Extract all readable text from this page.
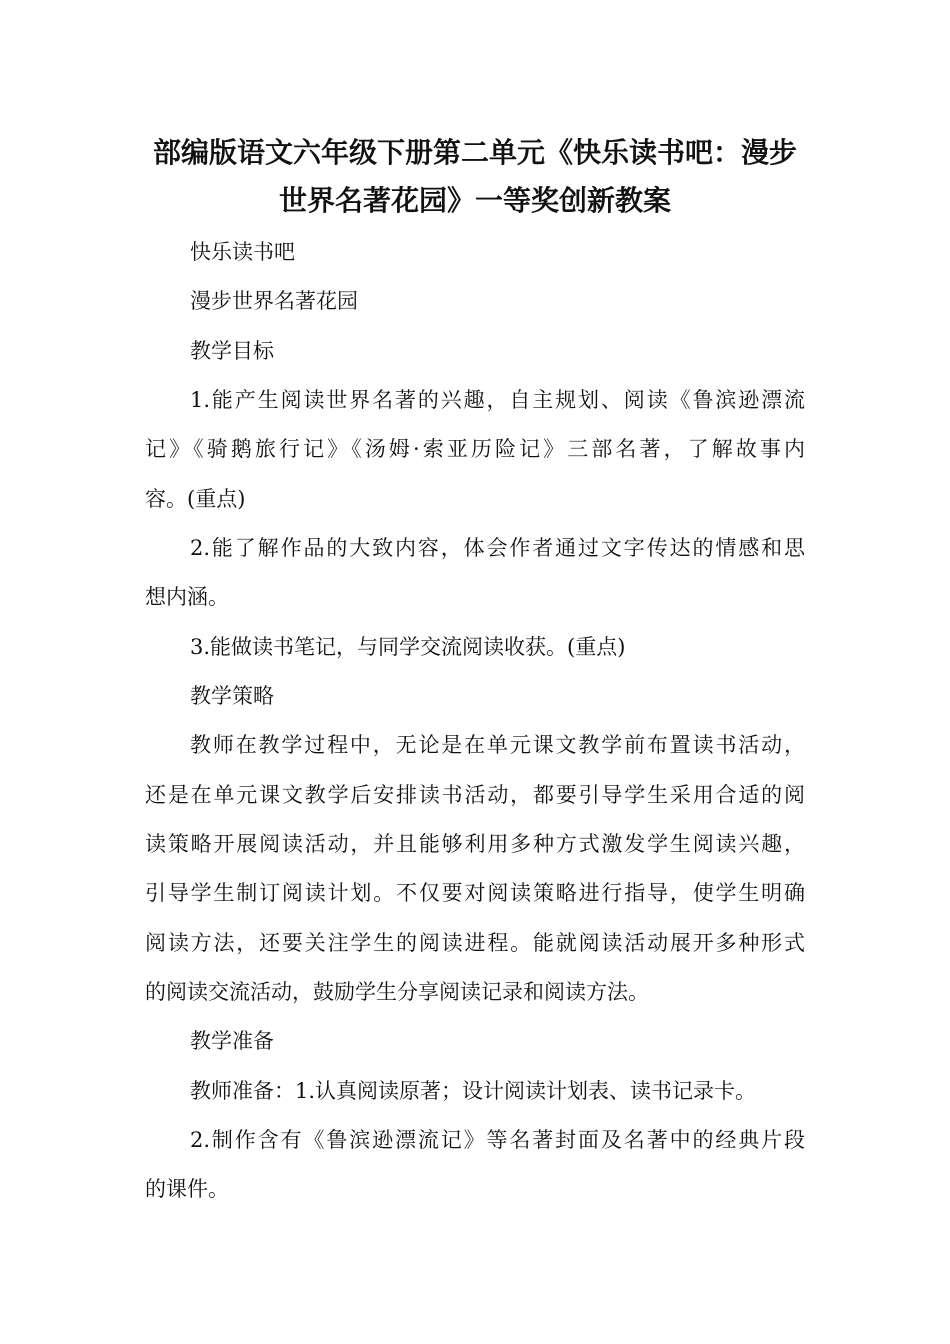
部编版语文六年级下册第二单元《快乐读书吧：漫步
世界名著花园》一等奖创新教案
快乐读书吧
漫步世界名著花园
教学目标
1.能产生阅读世界名著的兴趣，自主规划、阅读《鲁滨逊漂流
记》《骑鹅旅行记》《汤姆·索亚历险记》三部名著，了解故事内
容。(重点)
2.能了解作品的大致内容，体会作者通过文字传达的情感和思
想内涵。
3.能做读书笔记，与同学交流阅读收获。(重点)
教学策略
教师在教学过程中，无论是在单元课文教学前布置读书活动，
还是在单元课文教学后安排读书活动，都要引导学生采用合适的阅
读策略开展阅读活动，并且能够利用多种方式激发学生阅读兴趣，
引导学生制订阅读计划。不仅要对阅读策略进行指导，使学生明确
阅读方法，还要关注学生的阅读进程。能就阅读活动展开多种形式
的阅读交流活动，鼓励学生分享阅读记录和阅读方法。
教学准备
教师准备：1.认真阅读原著；设计阅读计划表、读书记录卡。
2.制作含有《鲁滨逊漂流记》等名著封面及名著中的经典片段
的课件。
